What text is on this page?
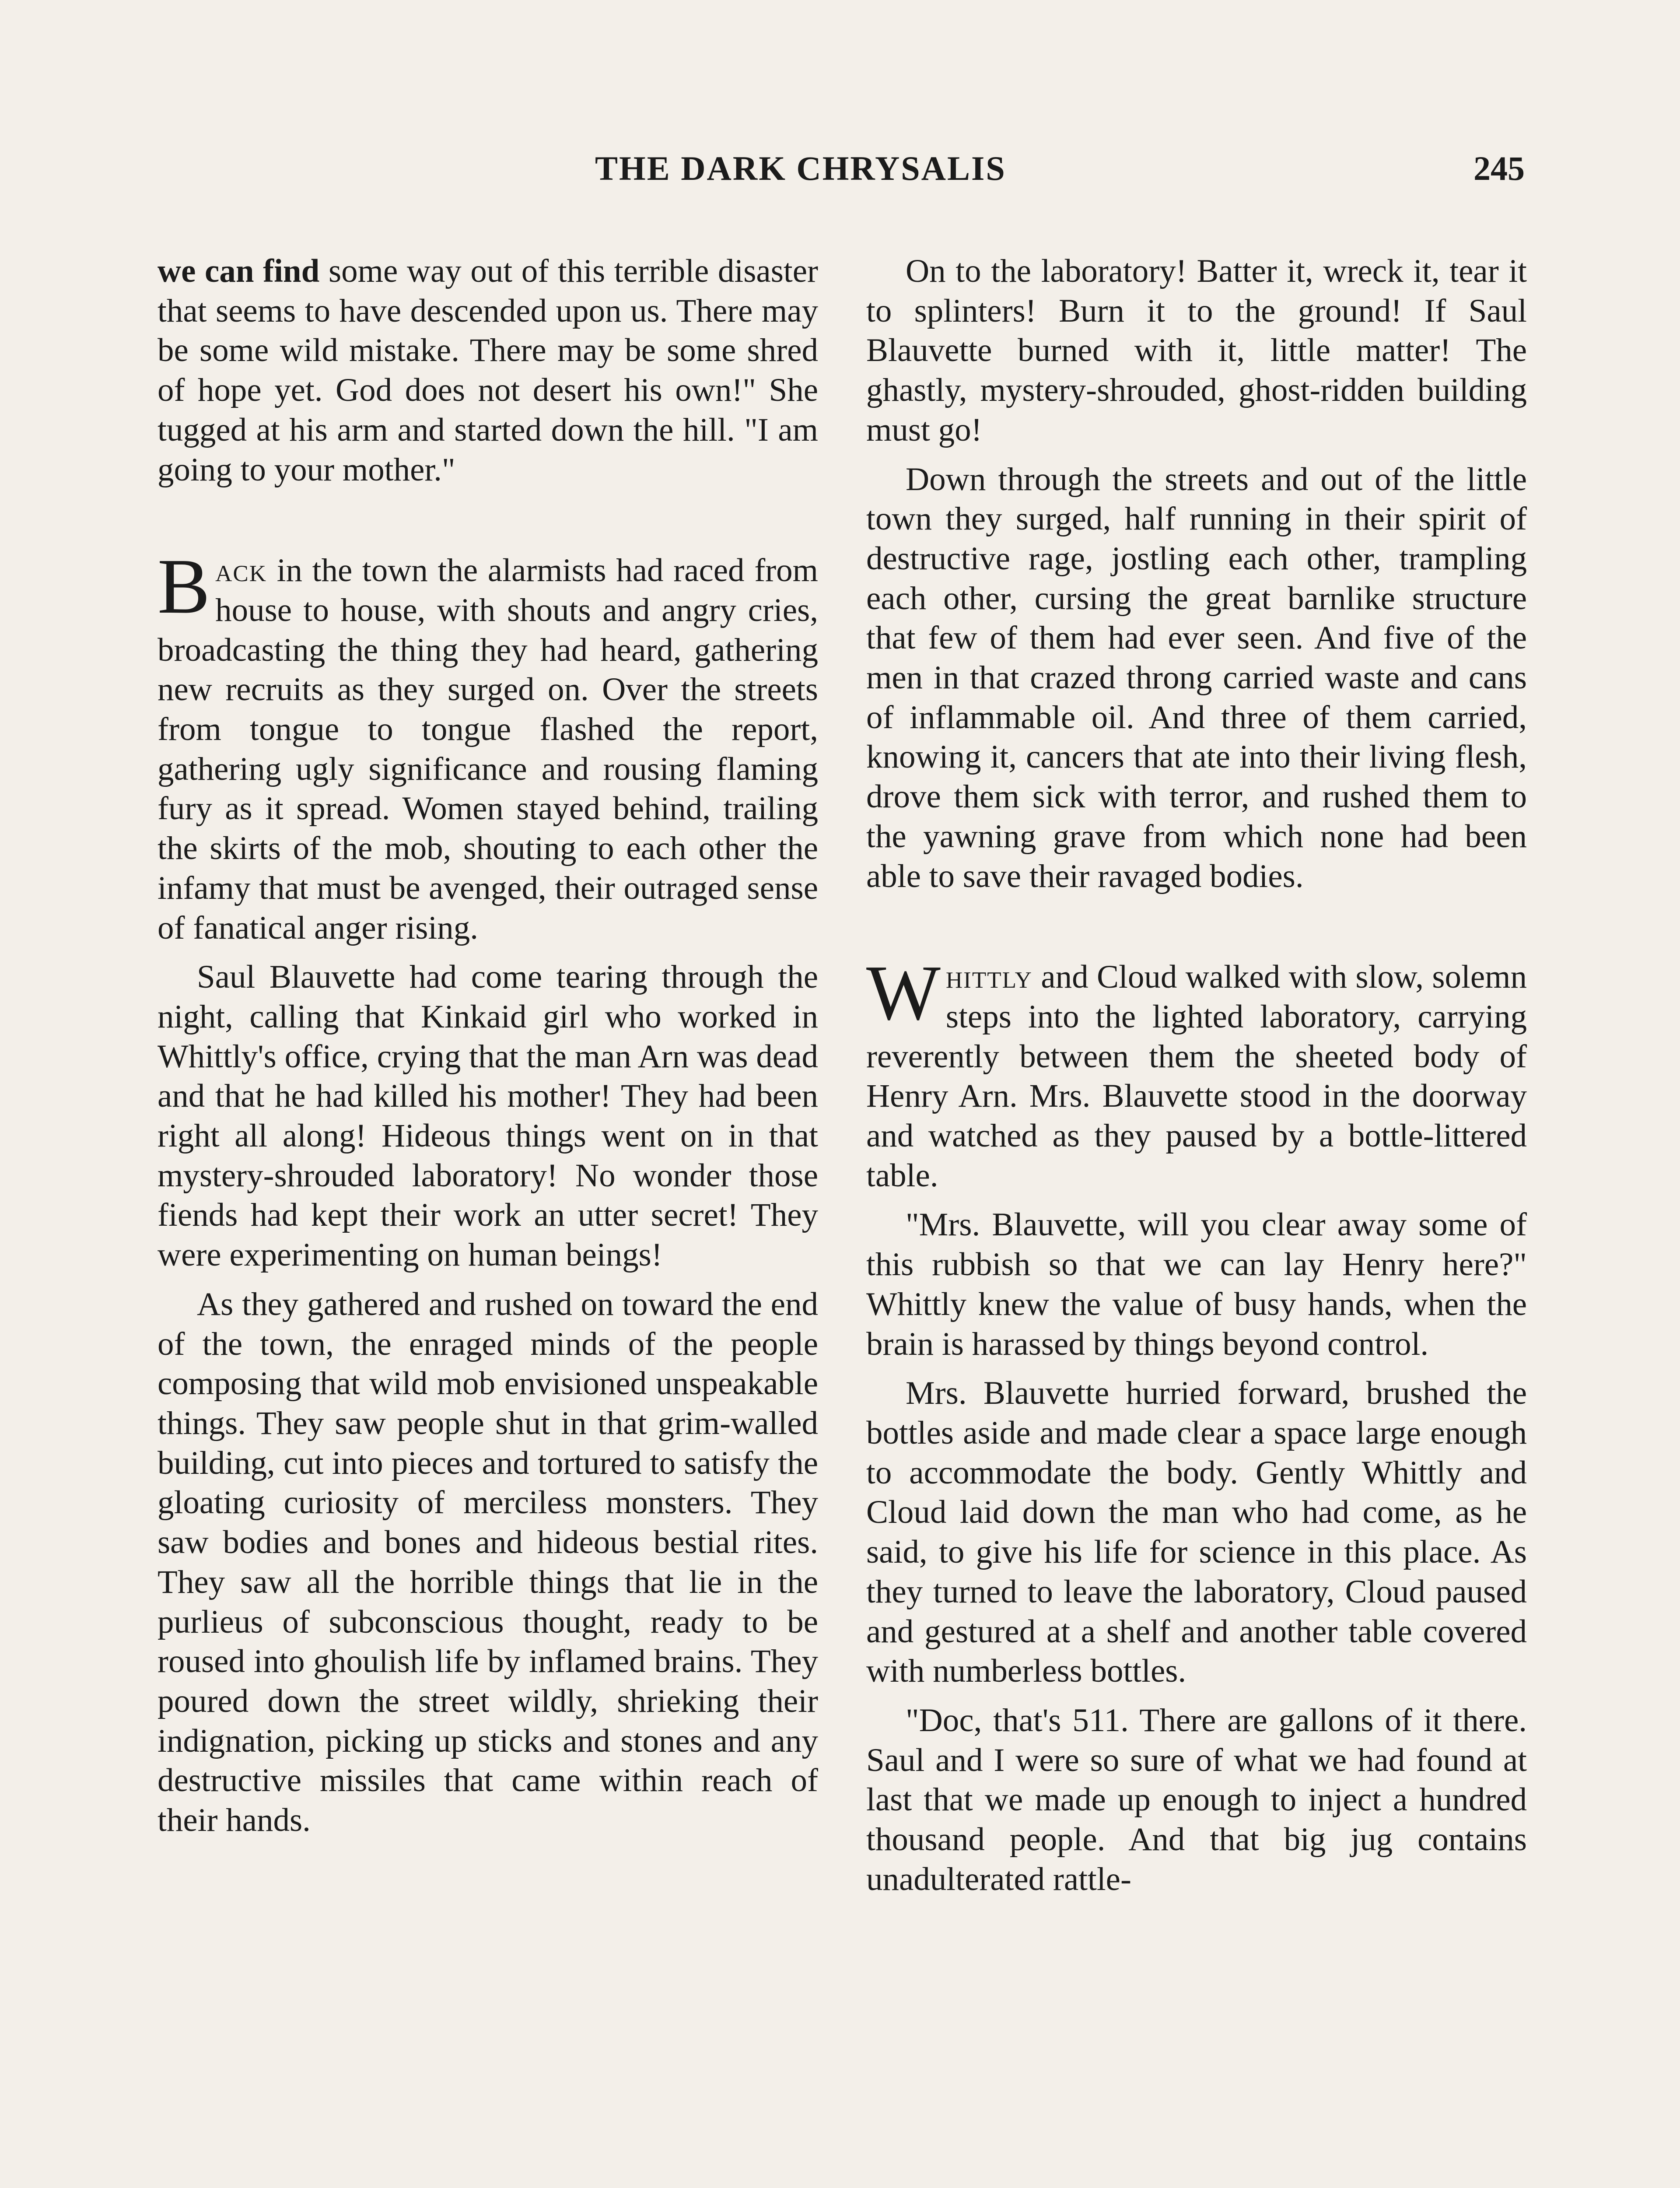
THE DARK CHRYSALIS	245

we can find some way out of this terrible disaster that seems to have descended upon us. There may be some wild mistake. There may be some shred of hope yet. God does not desert his own!" She tugged at his arm and started down the hill. "I am going to your mother."

Back in the town the alarmists had raced from house to house, with shouts and angry cries, broadcasting the thing they had heard, gathering new recruits as they surged on. Over the streets from tongue to tongue flashed the report, gathering ugly significance and rousing flaming fury as it spread. Women stayed behind, trailing the skirts of the mob, shouting to each other the infamy that must be avenged, their outraged sense of fanatical anger rising.

Saul Blauvette had come tearing through the night, calling that Kinkaid girl who worked in Whittly's office, crying that the man Arn was dead and that he had killed his mother! They had been right all along! Hideous things went on in that mystery-shrouded laboratory! No wonder those fiends had kept their work an utter secret! They were experimenting on human beings!

As they gathered and rushed on toward the end of the town, the enraged minds of the people composing that wild mob envisioned unspeakable things. They saw people shut in that grim-walled building, cut into pieces and tortured to satisfy the gloating curiosity of merciless monsters. They saw bodies and bones and hideous bestial rites. They saw all the horrible things that lie in the purlieus of subconscious thought, ready to be roused into ghoulish life by inflamed brains. They poured down the street wildly, shrieking their indignation, picking up sticks and stones and any destructive missiles that came within reach of their hands.

On to the laboratory! Batter it, wreck it, tear it to splinters! Burn it to the ground! If Saul Blauvette burned with it, little matter! The ghastly, mystery-shrouded, ghost-ridden building must go!

Down through the streets and out of the little town they surged, half running in their spirit of destructive rage, jostling each other, trampling each other, cursing the great barnlike structure that few of them had ever seen. And five of the men in that crazed throng carried waste and cans of inflammable oil. And three of them carried, knowing it, cancers that ate into their living flesh, drove them sick with terror, and rushed them to the yawning grave from which none had been able to save their ravaged bodies.

Whittly and Cloud walked with slow, solemn steps into the lighted laboratory, carrying reverently between them the sheeted body of Henry Arn. Mrs. Blauvette stood in the doorway and watched as they paused by a bottle-littered table.

"Mrs. Blauvette, will you clear away some of this rubbish so that we can lay Henry here?" Whittly knew the value of busy hands, when the brain is harassed by things beyond control.

Mrs. Blauvette hurried forward, brushed the bottles aside and made clear a space large enough to accommodate the body. Gently Whittly and Cloud laid down the man who had come, as he said, to give his life for science in this place. As they turned to leave the laboratory, Cloud paused and gestured at a shelf and another table covered with numberless bottles.

"Doc, that's 511. There are gallons of it there. Saul and I were so sure of what we had found at last that we made up enough to inject a hundred thousand people. And that big jug contains unadulterated rattle-
